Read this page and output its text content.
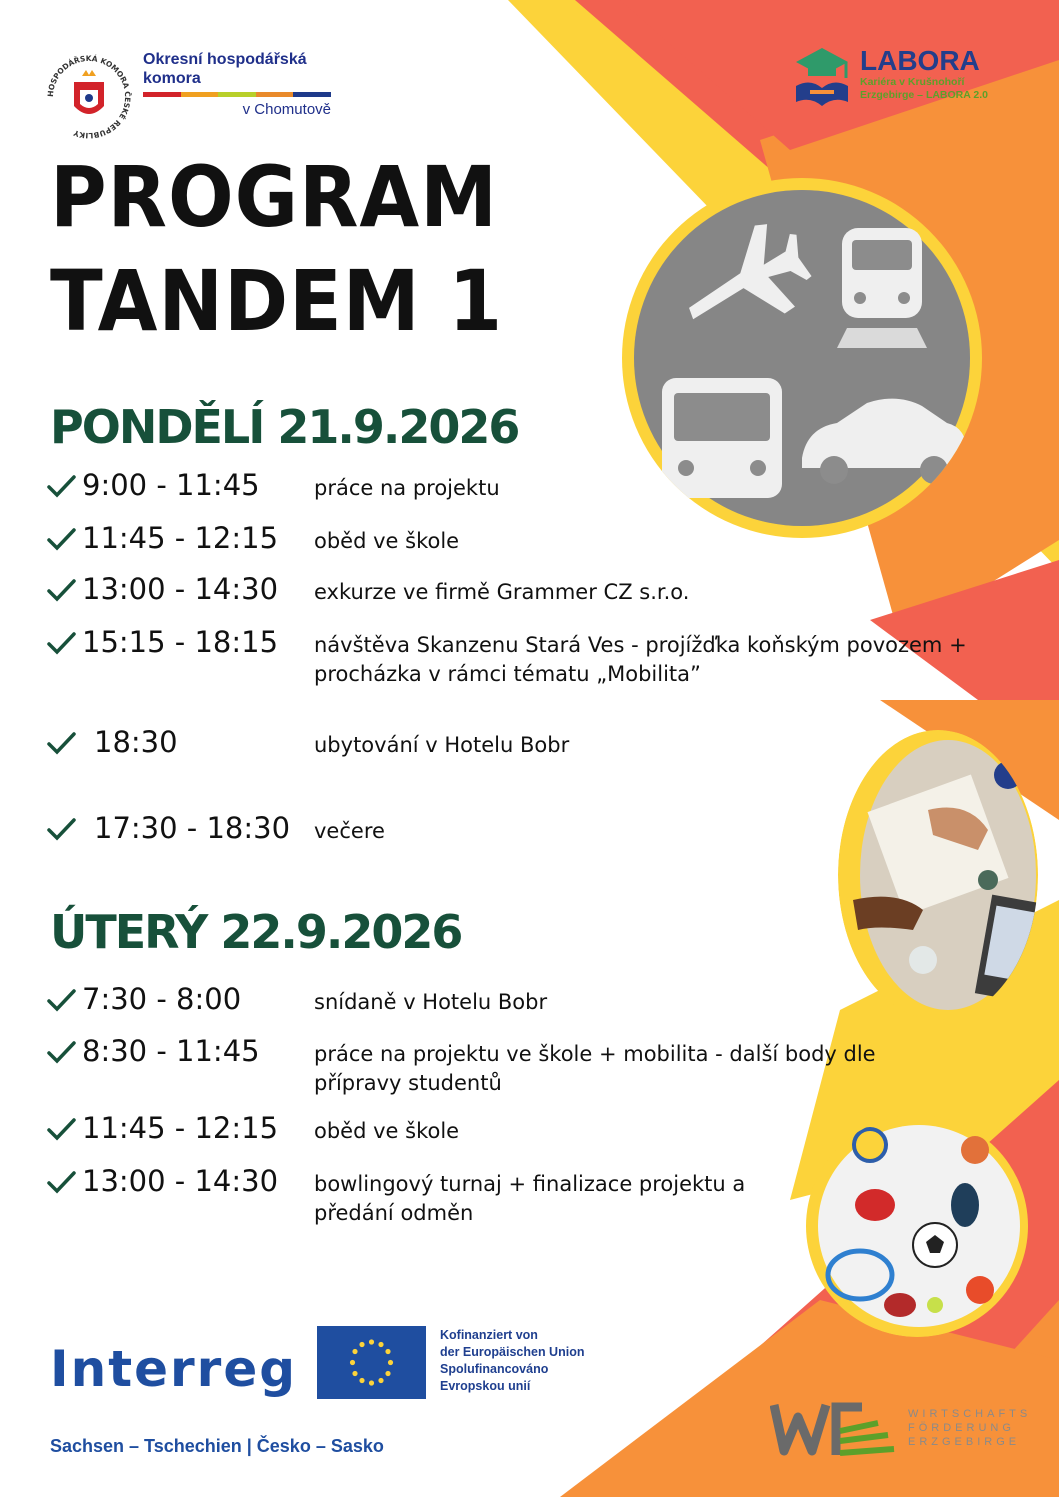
HOSPODÁŘSKÁ KOMORA ČESKÉ REPUBLIKY
Okresní hospodářská
komora
v Chomutově
LABORA
Kariéra v Krušnohoří
Erzgebirge – LABORA 2.0
PROGRAM
TANDEM 1
PONDĚLÍ 21.9.2026
9:00 - 11:45	práce na projektu
11:45 - 12:15 oběd ve škole
13:00 - 14:30 exkurze ve firmě Grammer CZ s.r.o.
15:15 - 18:15 návštěva Skanzenu Stará Ves - projížďka koňským povozem + procházka v rámci tématu „Mobilita”
18:30	ubytování v Hotelu Bobr
17:30 - 18:30 večere
ÚTERÝ 22.9.2026
7:30 - 8:00	snídaně v Hotelu Bobr
8:30 - 11:45	práce na projektu ve škole + mobilita - další body dle přípravy studentů
11:45 - 12:15 oběd ve škole
13:00 - 14:30 bowlingový turnaj + finalizace projektu a předání odměn
Interreg
Sachsen – Tschechien | Česko – Sasko
Kofinanziert von
der Europäischen Union
Spolufinancováno
Evropskou unií
WIRTSCHAFTS
FÖRDERUNG
ERZGEBIRGE
